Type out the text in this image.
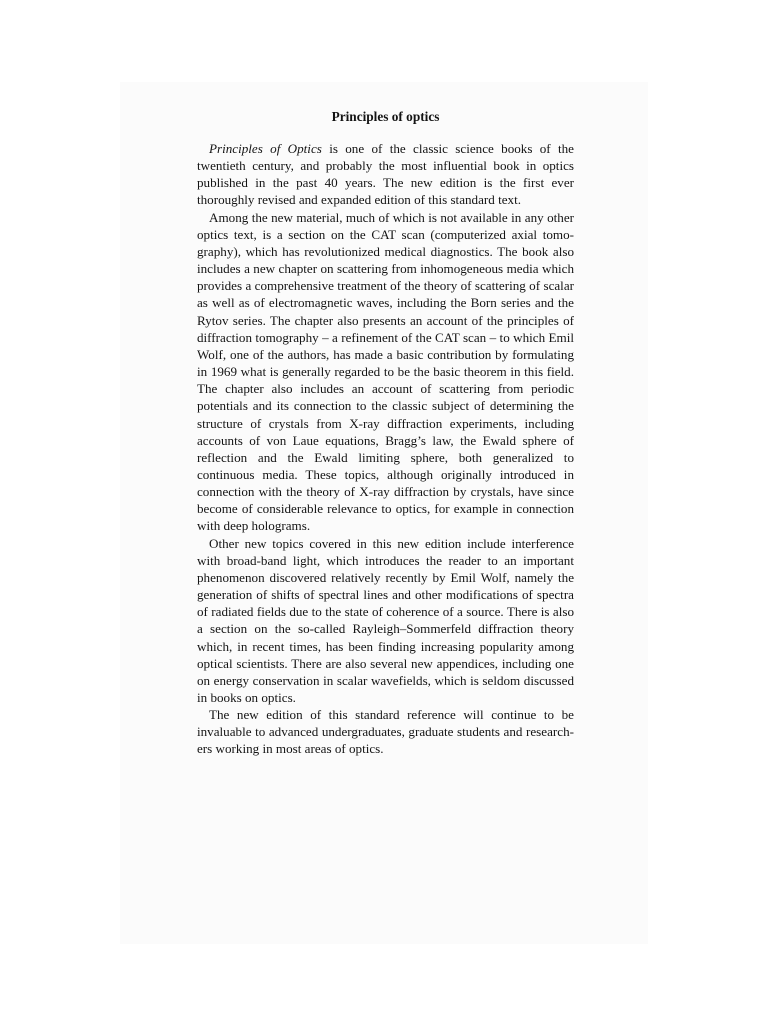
Principles of optics

Principles of Optics is one of the classic science books of the twentieth century, and probably the most influential book in optics published in the past 40 years. The new edition is the first ever thoroughly revised and expanded edition of this standard text.

Among the new material, much of which is not available in any other optics text, is a section on the CAT scan (computerized axial tomography), which has revolutionized medical diagnostics. The book also includes a new chapter on scattering from inhomogeneous media which provides a comprehensive treatment of the theory of scattering of scalar as well as of electromagnetic waves, including the Born series and the Rytov series. The chapter also presents an account of the principles of diffraction tomography – a refinement of the CAT scan – to which Emil Wolf, one of the authors, has made a basic contribution by formulating in 1969 what is generally regarded to be the basic theorem in this field. The chapter also includes an account of scattering from periodic potentials and its connection to the classic subject of determining the structure of crystals from X-ray diffraction experiments, including accounts of von Laue equations, Bragg’s law, the Ewald sphere of reflection and the Ewald limiting sphere, both generalized to continuous media. These topics, although originally introduced in connection with the theory of X-ray diffraction by crystals, have since become of considerable relevance to optics, for example in connection with deep holograms.

Other new topics covered in this new edition include interference with broad-band light, which introduces the reader to an important phenomenon discovered relatively recently by Emil Wolf, namely the generation of shifts of spectral lines and other modifications of spectra of radiated fields due to the state of coherence of a source. There is also a section on the so-called Rayleigh–Sommerfeld diffraction theory which, in recent times, has been finding increasing popularity among optical scientists. There are also several new appendices, including one on energy conservation in scalar wavefields, which is seldom discussed in books on optics.

The new edition of this standard reference will continue to be invaluable to advanced undergraduates, graduate students and researchers working in most areas of optics.
